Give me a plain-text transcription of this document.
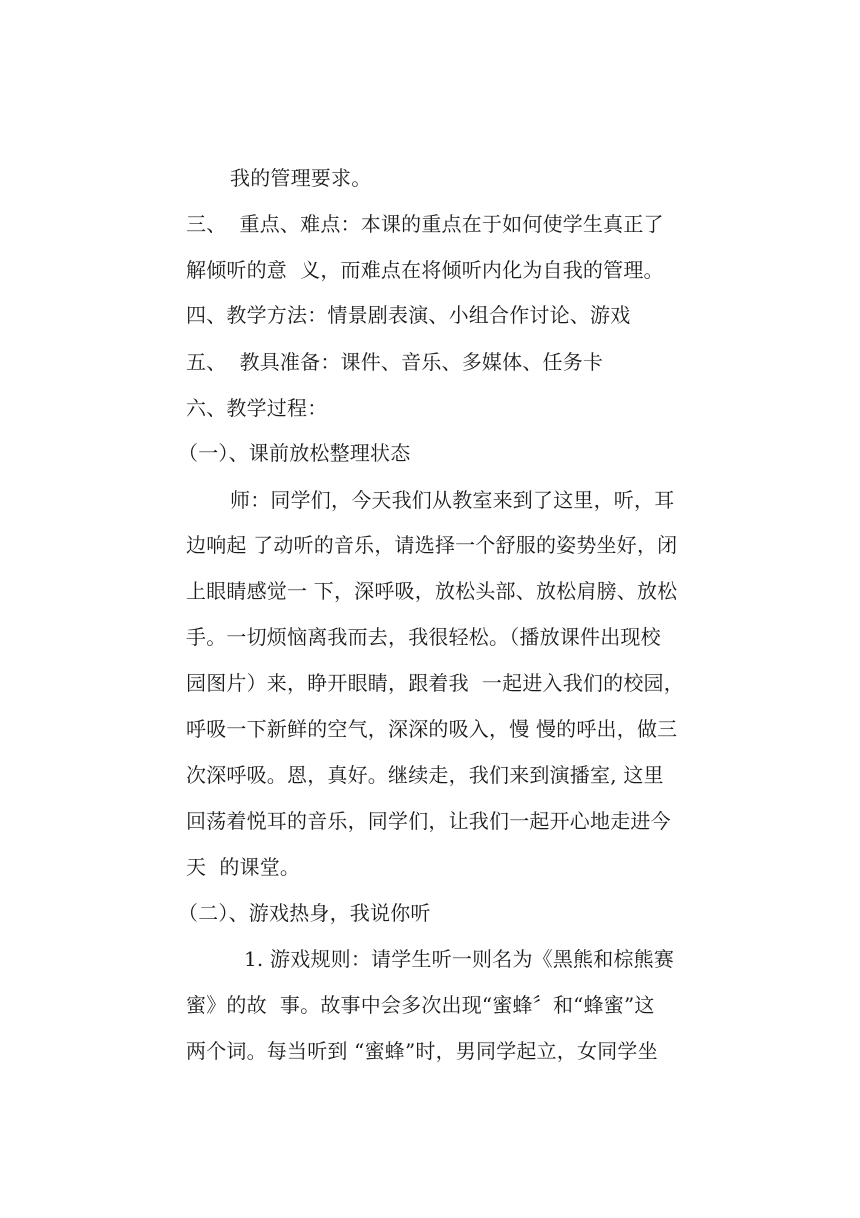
我的管理要求。
三、  重点、难点：本课的重点在于如何使学生真正了
解倾听的意  义，而难点在将倾听内化为自我的管理。
四、教学方法：情景剧表演、小组合作讨论、游戏
五、  教具准备：课件、音乐、多媒体、任务卡
六、教学过程：
（一）、课前放松整理状态
师：同学们，今天我们从教室来到了这里，听，耳
边响起 了动听的音乐，请选择一个舒服的姿势坐好，闭
上眼睛感觉一 下，深呼吸，放松头部、放松肩膀、放松
手。一切烦恼离我而去，我很轻松。（播放课件出现校
园图片）来，睁开眼睛，跟着我  一起进入我们的校园，
呼吸一下新鲜的空气，深深的吸入，慢 慢的呼出，做三
次深呼吸。恩，真好。继续走，我们来到演播室, 这里
回荡着悦耳的音乐，同学们，让我们一起开心地走进今
天  的课堂。
（二）、游戏热身，我说你听
1. 游戏规则：请学生听一则名为《黑熊和棕熊赛
蜜》的故  事。故事中会多次出现“蜜蜂〞和“蜂蜜”这
两个词。每当听到 “蜜蜂”时，男同学起立，女同学坐
